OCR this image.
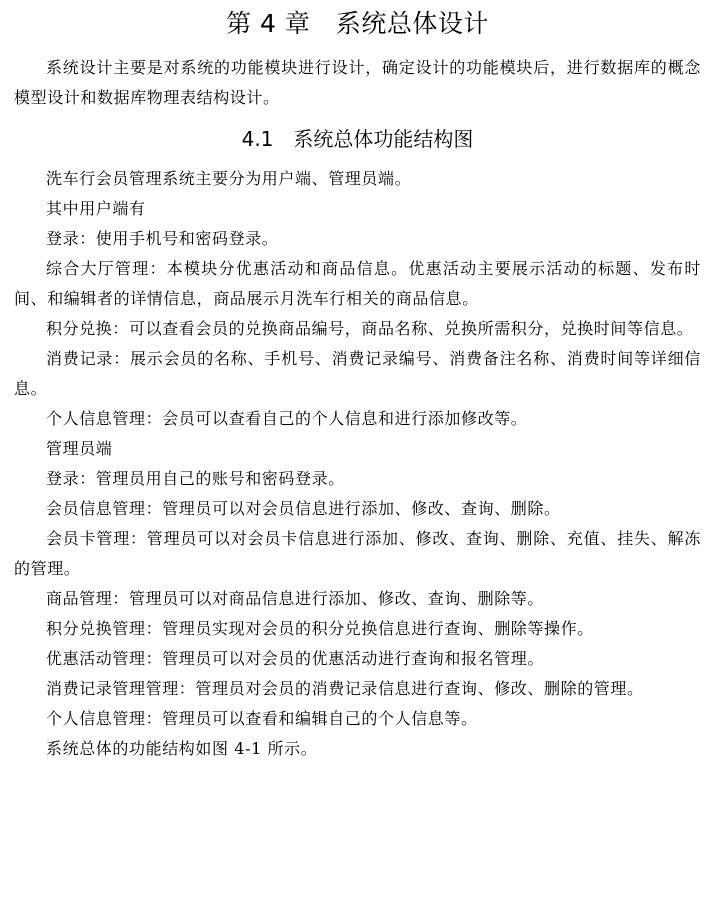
第 4 章　系统总体设计

系统设计主要是对系统的功能模块进行设计，确定设计的功能模块后，进行数据库的概念模型设计和数据库物理表结构设计。

4.1　系统总体功能结构图

洗车行会员管理系统主要分为用户端、管理员端。

其中用户端有

登录：使用手机号和密码登录。

综合大厅管理：本模块分优惠活动和商品信息。优惠活动主要展示活动的标题、发布时间、和编辑者的详情信息，商品展示月洗车行相关的商品信息。

积分兑换：可以查看会员的兑换商品编号，商品名称、兑换所需积分，兑换时间等信息。

消费记录：展示会员的名称、手机号、消费记录编号、消费备注名称、消费时间等详细信息。

个人信息管理：会员可以查看自己的个人信息和进行添加修改等。

管理员端

登录：管理员用自己的账号和密码登录。

会员信息管理：管理员可以对会员信息进行添加、修改、查询、删除。

会员卡管理：管理员可以对会员卡信息进行添加、修改、查询、删除、充值、挂失、解冻的管理。

商品管理：管理员可以对商品信息进行添加、修改、查询、删除等。

积分兑换管理：管理员实现对会员的积分兑换信息进行查询、删除等操作。

优惠活动管理：管理员可以对会员的优惠活动进行查询和报名管理。

消费记录管理管理：管理员对会员的消费记录信息进行查询、修改、删除的管理。

个人信息管理：管理员可以查看和编辑自己的个人信息等。

系统总体的功能结构如图 4-1 所示。
